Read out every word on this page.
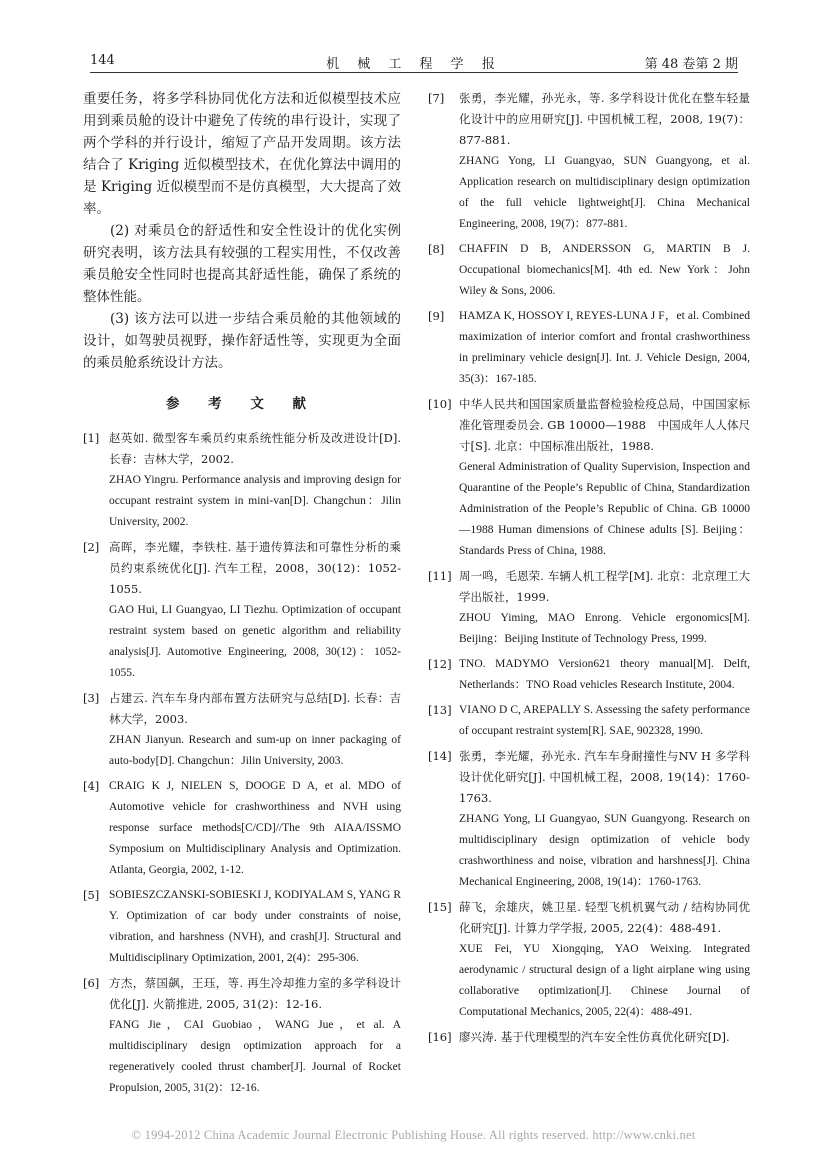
144	机 械 工 程 学 报	第 48 卷第 2 期

重要任务，将多学科协同优化方法和近似模型技术应用到乘员舱的设计中避免了传统的串行设计，实现了两个学科的并行设计，缩短了产品开发周期。该方法结合了 Kriging 近似模型技术，在优化算法中调用的是 Kriging 近似模型而不是仿真模型，大大提高了效率。

(2) 对乘员仓的舒适性和安全性设计的优化实例研究表明，该方法具有较强的工程实用性，不仅改善乘员舱安全性同时也提高其舒适性能，确保了系统的整体性能。

(3) 该方法可以进一步结合乘员舱的其他领域的设计，如驾驶员视野，操作舒适性等，实现更为全面的乘员舱系统设计方法。

参 考 文 献
[1] 赵英如. 微型客车乘员约束系统性能分析及改进设计[D]. 长春：吉林大学，2002.
ZHAO Yingru. Performance analysis and improving design for occupant restraint system in mini-van[D]. Changchun：Jilin University, 2002.
[2] 高晖，李光耀，李铁柱. 基于遗传算法和可靠性分析的乘员约束系统优化[J]. 汽车工程，2008，30(12)：1052-1055.
GAO Hui, LI Guangyao, LI Tiezhu. Optimization of occupant restraint system based on genetic algorithm and reliability analysis[J]. Automotive Engineering, 2008, 30(12)：1052-1055.
[3] 占建云. 汽车车身内部布置方法研究与总结[D]. 长春：吉林大学，2003.
ZHAN Jianyun. Research and sum-up on inner packaging of auto-body[D]. Changchun：Jilin University, 2003.
[4] CRAIG K J, NIELEN S, DOOGE D A, et al. MDO of Automotive vehicle for crashworthiness and NVH using response surface methods[C/CD]//The 9th AIAA/ISSMO Symposium on Multidisciplinary Analysis and Optimization. Atlanta, Georgia, 2002, 1-12.
[5] SOBIESZCZANSKI-SOBIESKI J, KODIYALAM S, YANG R Y. Optimization of car body under constraints of noise, vibration, and harshness (NVH), and crash[J]. Structural and Multidisciplinary Optimization, 2001, 2(4)：295-306.
[6] 方杰，蔡国飙，王珏，等. 再生冷却推力室的多学科设计优化[J]. 火箭推进, 2005, 31(2)：12-16.
FANG Jie，CAI Guobiao，WANG Jue，et al. A multidisciplinary design optimization approach for a regeneratively cooled thrust chamber[J]. Journal of Rocket Propulsion, 2005, 31(2)：12-16.
[7] 张勇，李光耀，孙光永，等. 多学科设计优化在整车轻量化设计中的应用研究[J]. 中国机械工程，2008, 19(7)：877-881.
ZHANG Yong, LI Guangyao, SUN Guangyong, et al. Application research on multidisciplinary design optimization of the full vehicle lightweight[J]. China Mechanical Engineering, 2008, 19(7)：877-881.
[8] CHAFFIN D B, ANDERSSON G, MARTIN B J. Occupational biomechanics[M]. 4th ed. New York：John Wiley & Sons, 2006.
[9] HAMZA K, HOSSOY I, REYES-LUNA J F，et al. Combined maximization of interior comfort and frontal crashworthiness in preliminary vehicle design[J]. Int. J. Vehicle Design, 2004, 35(3)：167-185.
[10] 中华人民共和国国家质量监督检验检疫总局，中国国家标准化管理委员会. GB 10000—1988　中国成年人人体尺寸[S]. 北京：中国标准出版社，1988.
General Administration of Quality Supervision, Inspection and Quarantine of the People’s Republic of China, Standardization Administration of the People’s Republic of China. GB 10000—1988 Human dimensions of Chinese adults [S]. Beijing：Standards Press of China, 1988.
[11] 周一鸣，毛恩荣. 车辆人机工程学[M]. 北京：北京理工大学出版社，1999.
ZHOU Yiming, MAO Enrong. Vehicle ergonomics[M]. Beijing：Beijing Institute of Technology Press, 1999.
[12] TNO. MADYMO Version621 theory manual[M]. Delft, Netherlands：TNO Road vehicles Research Institute, 2004.
[13] VIANO D C, AREPALLY S. Assessing the safety performance of occupant restraint system[R]. SAE, 902328, 1990.
[14] 张勇，李光耀，孙光永. 汽车车身耐撞性与NV H 多学科设计优化研究[J]. 中国机械工程，2008, 19(14)：1760-1763.
ZHANG Yong, LI Guangyao, SUN Guangyong. Research on multidisciplinary design optimization of vehicle body crashworthiness and noise, vibration and harshness[J]. China Mechanical Engineering, 2008, 19(14)：1760-1763.
[15] 薛飞，余雄庆，姚卫星. 轻型飞机机翼气动 / 结构协同优化研究[J]. 计算力学学报, 2005, 22(4)：488-491.
XUE Fei, YU Xiongqing, YAO Weixing. Integrated aerodynamic / structural design of a light airplane wing using collaborative optimization[J]. Chinese Journal of Computational Mechanics, 2005, 22(4)：488-491.
[16] 廖兴涛. 基于代理模型的汽车安全性仿真优化研究[D].
© 1994-2012 China Academic Journal Electronic Publishing House. All rights reserved. http://www.cnki.net
